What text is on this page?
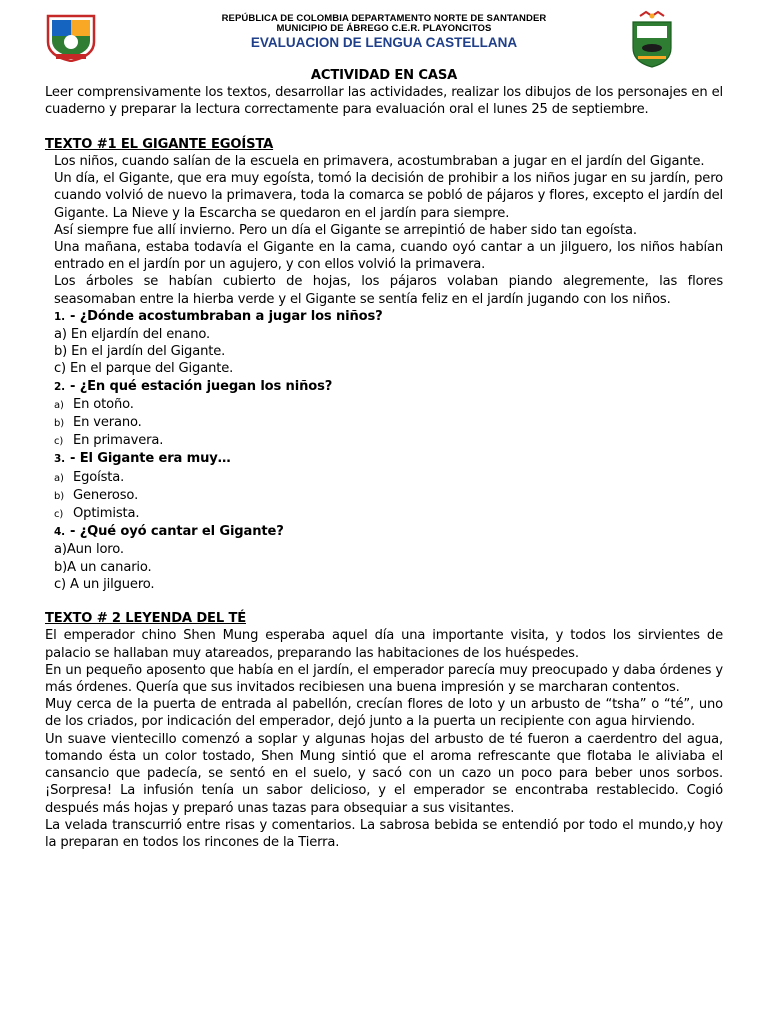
REPÚBLICA DE COLOMBIA DEPARTAMENTO NORTE DE SANTANDER
MUNICIPIO DE ÁBREGO C.E.R. PLAYONCITOS
EVALUACION DE LENGUA CASTELLANA

ACTIVIDAD EN CASA

Leer comprensivamente los textos, desarrollar las actividades, realizar los dibujos de los personajes en el cuaderno y preparar la lectura correctamente para evaluación oral el lunes 25 de septiembre.

TEXTO #1 EL GIGANTE EGOÍSTA

Los niños, cuando salían de la escuela en primavera, acostumbraban a jugar en el jardín del Gigante.

Un día, el Gigante, que era muy egoísta, tomó la decisión de prohibir a los niños jugar en su jardín, pero cuando volvió de nuevo la primavera, toda la comarca se pobló de pájaros y flores, excepto el jardín del Gigante. La Nieve y la Escarcha se quedaron en el jardín para siempre.

Así siempre fue allí invierno. Pero un día el Gigante se arrepintió de haber sido tan egoísta.

Una mañana, estaba todavía el Gigante en la cama, cuando oyó cantar a un jilguero, los niños habían entrado en el jardín por un agujero, y con ellos volvió la primavera.

Los árboles se habían cubierto de hojas, los pájaros volaban piando alegremente, las flores seasomaban entre la hierba verde y el Gigante se sentía feliz en el jardín jugando con los niños.

1. - ¿Dónde acostumbraban a jugar los niños?

a) En eljardín del enano.

b) En el jardín del Gigante.

c) En el parque del Gigante.

2. - ¿En qué estación juegan los niños?

a) En otoño.

b) En verano.

c) En primavera.

3. - El Gigante era muy…

a) Egoísta.

b) Generoso.

c) Optimista.

4. - ¿Qué oyó cantar el Gigante?

a)Aun loro.

b)A un canario.

c) A un jilguero.

TEXTO # 2 LEYENDA DEL TÉ

El emperador chino Shen Mung esperaba aquel día una importante visita, y todos los sirvientes de palacio se hallaban muy atareados, preparando las habitaciones de los huéspedes.

En un pequeño aposento que había en el jardín, el emperador parecía muy preocupado y daba órdenes y más órdenes. Quería que sus invitados recibiesen una buena impresión y se marcharan contentos.

Muy cerca de la puerta de entrada al pabellón, crecían flores de loto y un arbusto de “tsha” o “té”, uno de los criados, por indicación del emperador, dejó junto a la puerta un recipiente con agua hirviendo.

Un suave vientecillo comenzó a soplar y algunas hojas del arbusto de té fueron a caerdentro del agua, tomando ésta un color tostado, Shen Mung sintió que el aroma refrescante que flotaba le aliviaba el cansancio que padecía, se sentó en el suelo, y sacó con un cazo un poco para beber unos sorbos. ¡Sorpresa! La infusión tenía un sabor delicioso, y el emperador se encontraba restablecido. Cogió después más hojas y preparó unas tazas para obsequiar a sus visitantes.

La velada transcurrió entre risas y comentarios. La sabrosa bebida se entendió por todo el mundo,y hoy la preparan en todos los rincones de la Tierra.
